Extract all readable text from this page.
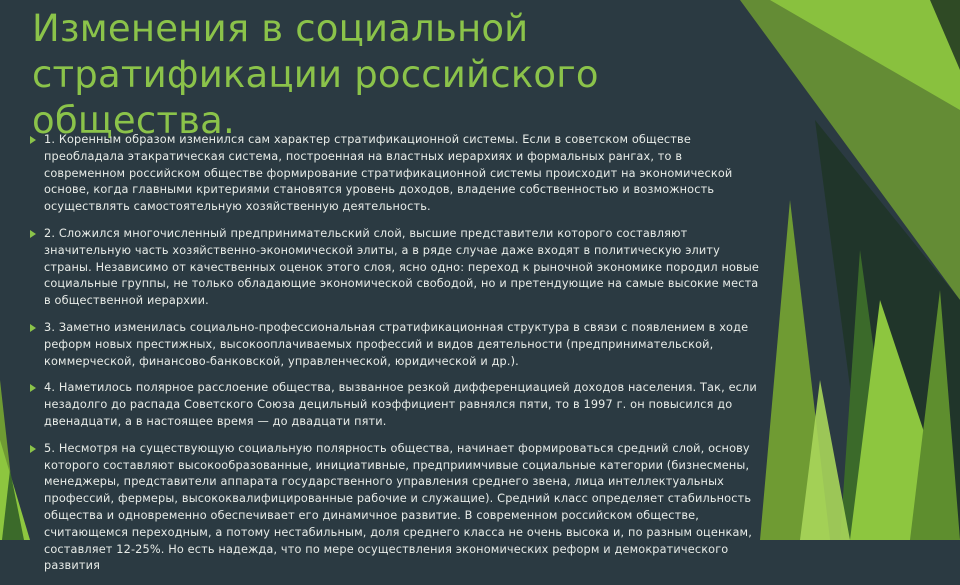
Изменения в социальной стратификации российского общества.
1. Коренным образом изменился сам характер стратификационной системы. Если в советском обществе преобладала этакратическая система, построенная на властных иерархиях и формальных рангах, то в современном российском обществе формирование стратификационной системы происходит на экономической основе, когда главными критериями становятся уровень доходов, владение собственностью и возможность осуществлять самостоятельную хозяйственную деятельность.
2. Сложился многочисленный предпринимательский слой, высшие представители которого составляют значительную часть хозяйственно-экономической элиты, а в ряде случае даже входят в политическую элиту страны. Независимо от качественных оценок этого слоя, ясно одно: переход к рыночной экономике породил новые социальные группы, не только обладающие экономической свободой, но и претендующие на самые высокие места в общественной иерархии.
3. Заметно изменилась социально-профессиональная стратификационная структура в связи с появлением в ходе реформ новых престижных, высокооплачиваемых профессий и видов деятельности (предпринимательской, коммерческой, финансово-банковской, управленческой, юридической и др.).
4. Наметилось полярное расслоение общества, вызванное резкой дифференциацией доходов населения. Так, если незадолго до распада Советского Союза децильный коэффициент равнялся пяти, то в 1997 г. он повысился до двенадцати, а в настоящее время — до двадцати пяти.
5. Несмотря на существующую социальную полярность общества, начинает формироваться средний слой, основу которого составляют высокообразованные, инициативные, предприимчивые социальные категории (бизнесмены, менеджеры, представители аппарата государственного управления среднего звена, лица интеллектуальных профессий, фермеры, высококвалифицированные рабочие и служащие). Средний класс определяет стабильность общества и одновременно обеспечивает его динамичное развитие. В современном российском обществе, считающемся переходным, а потому нестабильным, доля среднего класса не очень высока и, по разным оценкам, составляет 12-25%. Но есть надежда, что по мере осуществления экономических реформ и демократического развития
